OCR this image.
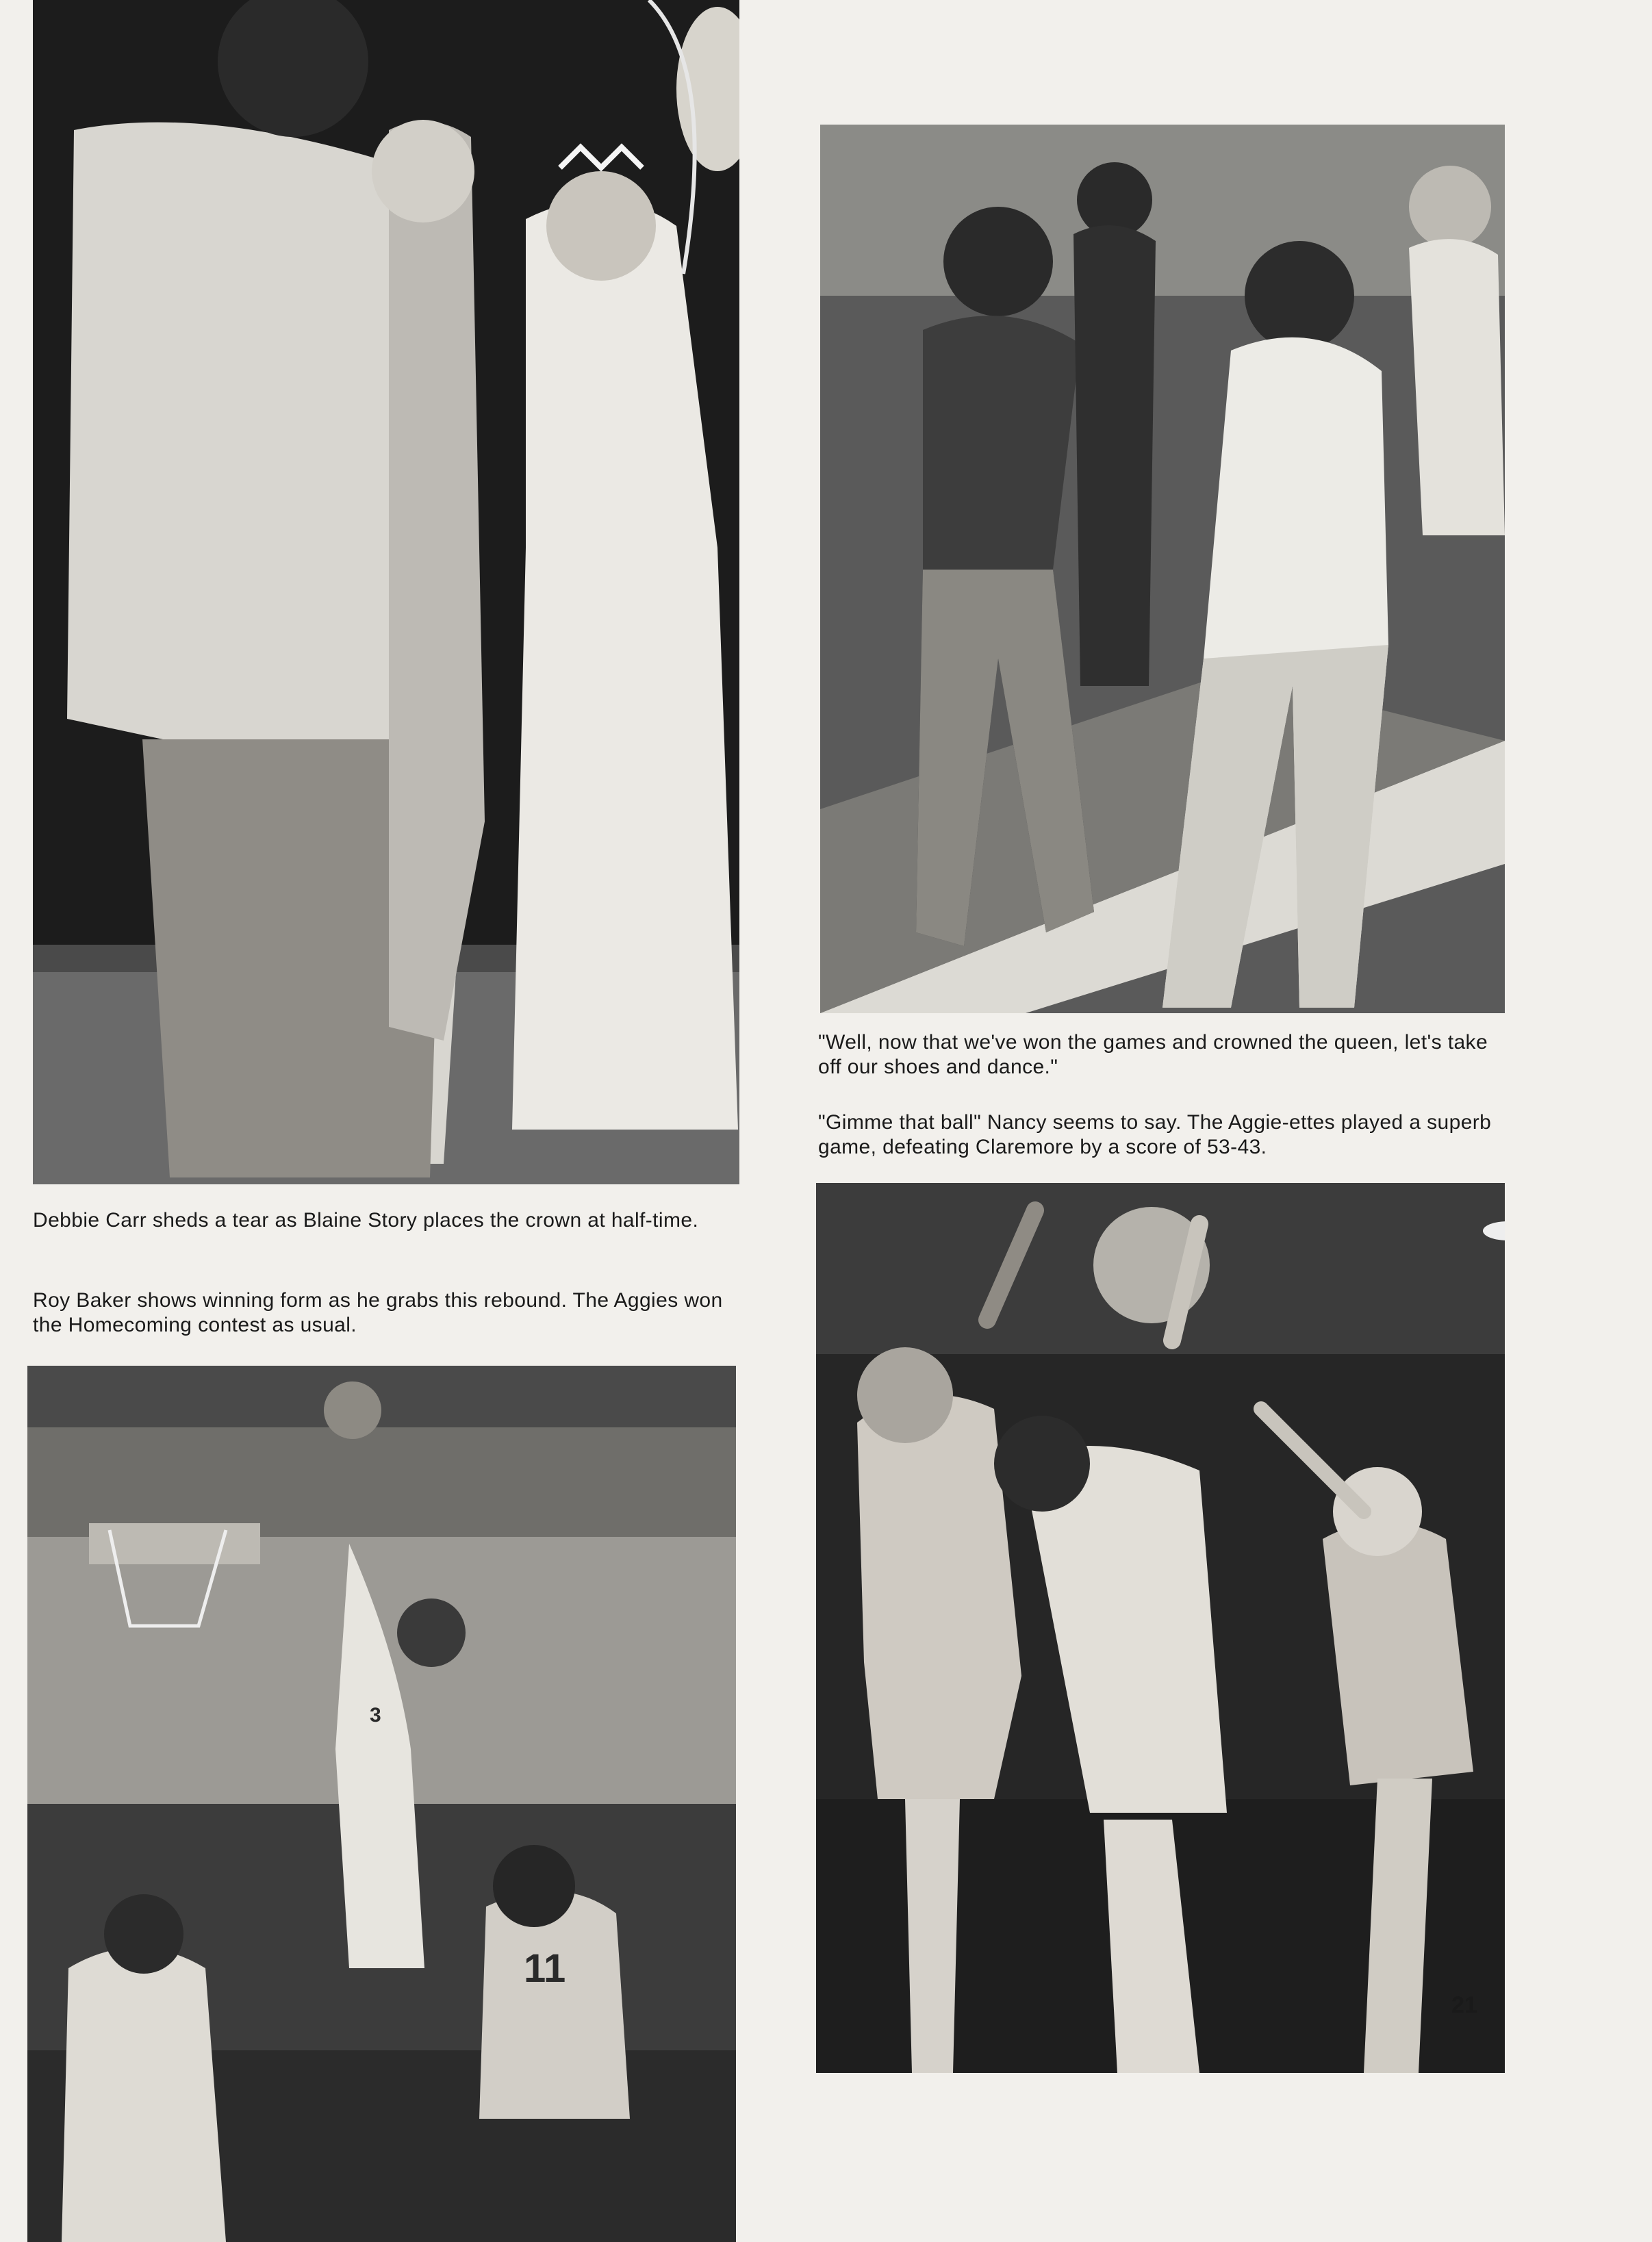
"Well, now that we've won the games and crowned the queen, let's take off our shoes and dance."

"Gimme that ball" Nancy seems to say. The Aggie-ettes played a superb game, defeating Claremore by a score of 53-43.

Debbie Carr sheds a tear as Blaine Story places the crown at half-time.

Roy Baker shows winning form as he grabs this rebound. The Aggies won the Homecoming contest as usual.

3
11
21
